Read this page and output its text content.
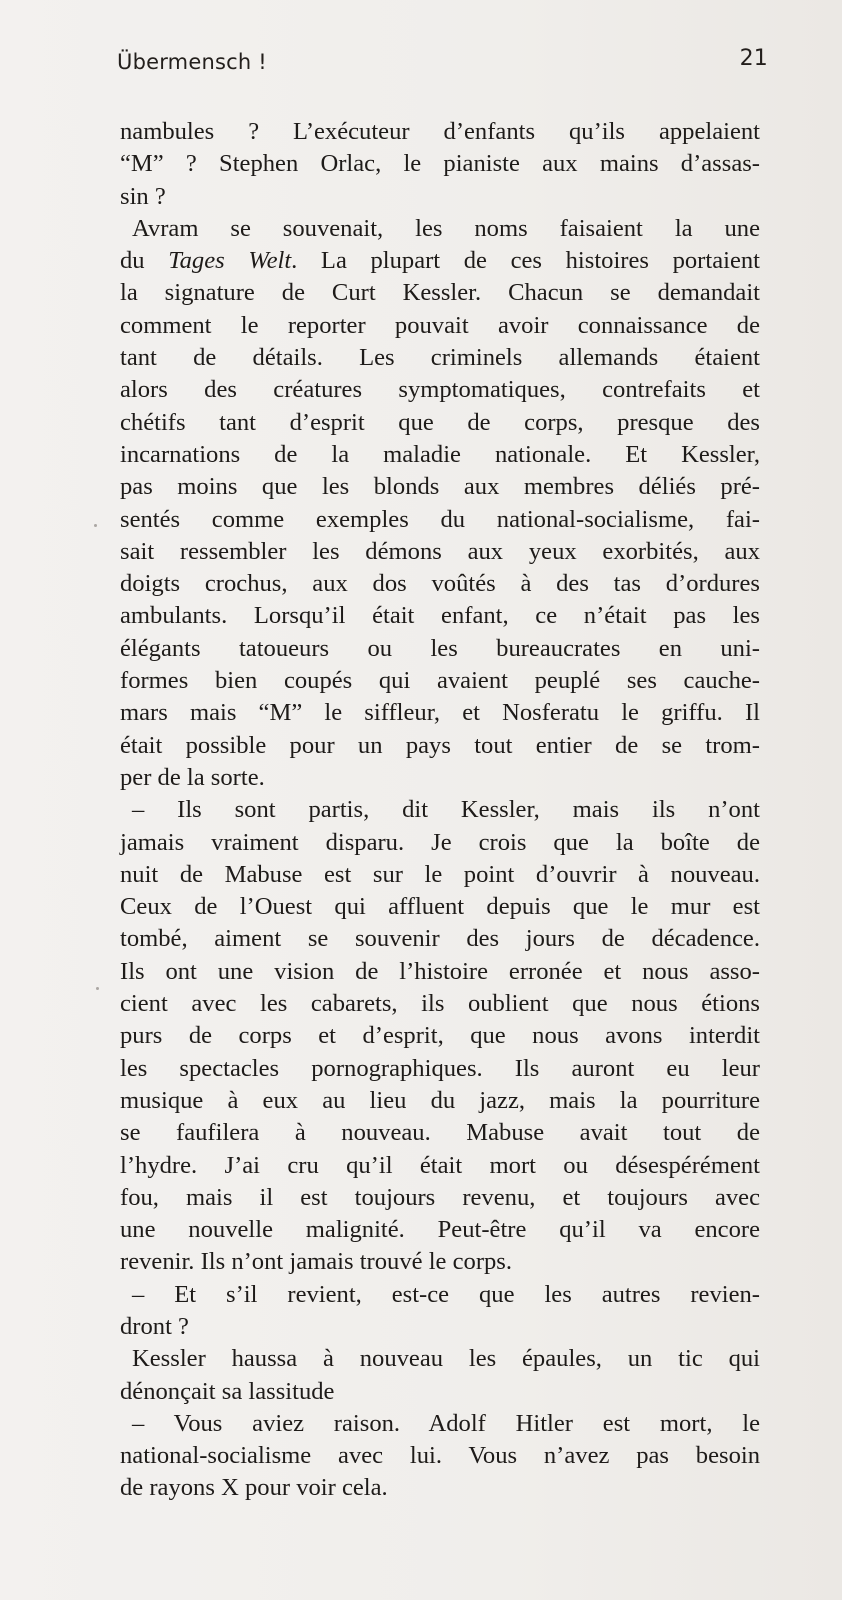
Übermensch !	21
nambules ? L’exécuteur d’enfants qu’ils appelaient
“M” ? Stephen Orlac, le pianiste aux mains d’assas-
sin ?
Avram se souvenait, les noms faisaient la une
du Tages Welt. La plupart de ces histoires portaient
la signature de Curt Kessler. Chacun se demandait
comment le reporter pouvait avoir connaissance de
tant de détails. Les criminels allemands étaient
alors des créatures symptomatiques, contrefaits et
chétifs tant d’esprit que de corps, presque des
incarnations de la maladie nationale. Et Kessler,
pas moins que les blonds aux membres déliés pré-
sentés comme exemples du national-socialisme, fai-
sait ressembler les démons aux yeux exorbités, aux
doigts crochus, aux dos voûtés à des tas d’ordures
ambulants. Lorsqu’il était enfant, ce n’était pas les
élégants tatoueurs ou les bureaucrates en uni-
formes bien coupés qui avaient peuplé ses cauche-
mars mais “M” le siffleur, et Nosferatu le griffu. Il
était possible pour un pays tout entier de se trom-
per de la sorte.
– Ils sont partis, dit Kessler, mais ils n’ont
jamais vraiment disparu. Je crois que la boîte de
nuit de Mabuse est sur le point d’ouvrir à nouveau.
Ceux de l’Ouest qui affluent depuis que le mur est
tombé, aiment se souvenir des jours de décadence.
Ils ont une vision de l’histoire erronée et nous asso-
cient avec les cabarets, ils oublient que nous étions
purs de corps et d’esprit, que nous avons interdit
les spectacles pornographiques. Ils auront eu leur
musique à eux au lieu du jazz, mais la pourriture
se faufilera à nouveau. Mabuse avait tout de
l’hydre. J’ai cru qu’il était mort ou désespérément
fou, mais il est toujours revenu, et toujours avec
une nouvelle malignité. Peut-être qu’il va encore
revenir. Ils n’ont jamais trouvé le corps.
– Et s’il revient, est-ce que les autres revien-
dront ?
Kessler haussa à nouveau les épaules, un tic qui
dénonçait sa lassitude
– Vous aviez raison. Adolf Hitler est mort, le
national-socialisme avec lui. Vous n’avez pas besoin
de rayons X pour voir cela.
